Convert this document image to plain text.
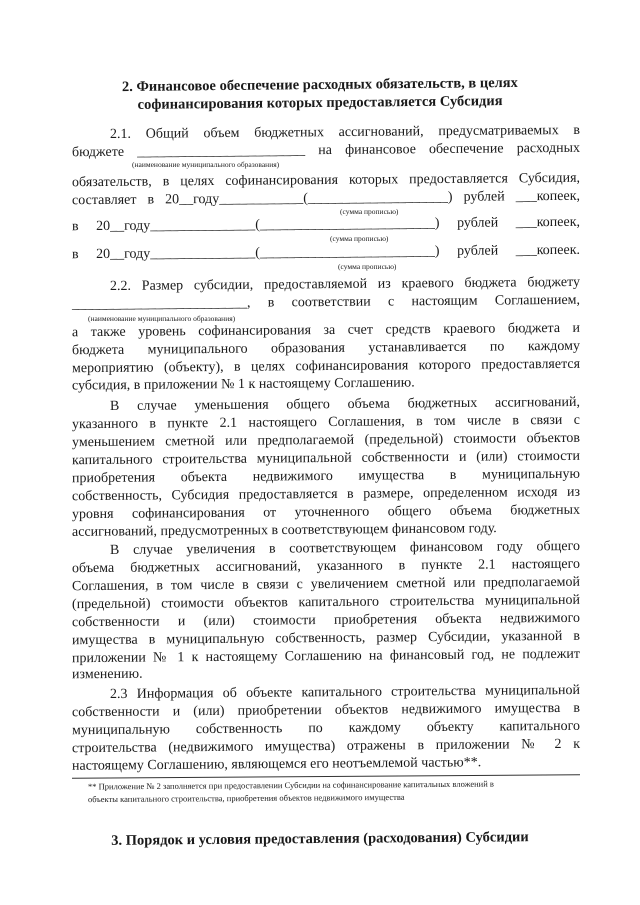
2. Финансовое обеспечение расходных обязательств, в целях
софинансирования которых предоставляется Субсидия
2.1. Общий объем бюджетных ассигнований, предусматриваемых в
бюджете ________________________ на финансовое обеспечение расходных
(наименование муниципального образования)
обязательств, в целях софинансирования которых предоставляется Субсидия,
составляет в 20__году____________(____________________) рублей ___копеек,
(сумма прописью)
в 20__году_______________(_________________________) рублей ___копеек,
(сумма прописью)
в 20__году_______________(_________________________) рублей ___копеек.
(сумма прописью)
2.2. Размер субсидии, предоставляемой из краевого бюджета бюджету
_________________________, в соответствии с настоящим Соглашением,
(наименование муниципального образования)
а также уровень софинансирования за счет средств краевого бюджета и
бюджета муниципального образования устанавливается по каждому
мероприятию (объекту), в целях софинансирования которого предоставляется
субсидия, в приложении № 1 к настоящему Соглашению.
В случае уменьшения общего объема бюджетных ассигнований,
указанного в пункте 2.1 настоящего Соглашения, в том числе в связи с
уменьшением сметной или предполагаемой (предельной) стоимости объектов
капитального строительства муниципальной собственности и (или) стоимости
приобретения объекта недвижимого имущества в муниципальную
собственность, Субсидия предоставляется в размере, определенном исходя из
уровня софинансирования от уточненного общего объема бюджетных
ассигнований, предусмотренных в соответствующем финансовом году.
В случае увеличения в соответствующем финансовом году общего
объема бюджетных ассигнований, указанного в пункте 2.1 настоящего
Соглашения, в том числе в связи с увеличением сметной или предполагаемой
(предельной) стоимости объектов капитального строительства муниципальной
собственности и (или) стоимости приобретения объекта недвижимого
имущества в муниципальную собственность, размер Субсидии, указанной в
приложении № 1 к настоящему Соглашению на финансовый год, не подлежит
изменению.
2.3 Информация об объекте капитального строительства муниципальной
собственности и (или) приобретении объектов недвижимого имущества в
муниципальную собственность по каждому объекту капитального
строительства (недвижимого имущества) отражены в приложении № 2 к
настоящему Соглашению, являющемся его неотъемлемой частью**.
** Приложение № 2 заполняется при предоставлении Субсидии на софинансирование капитальных вложений в
объекты капитального строительства, приобретения объектов недвижимого имущества
3. Порядок и условия предоставления (расходования) Субсидии
